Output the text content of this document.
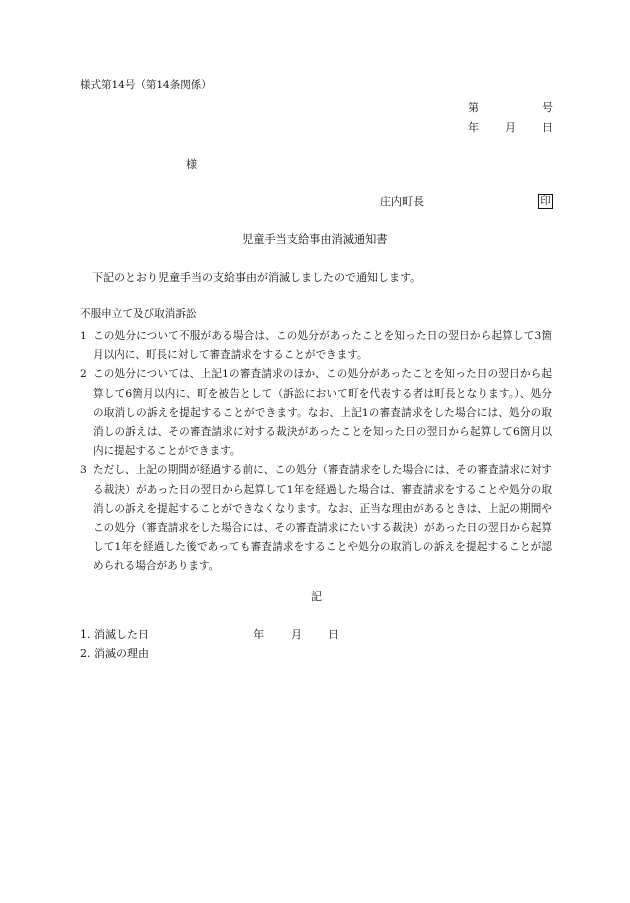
様式第14号（第14条関係）
第	号
年 月 日
様
庄内町長	印
児童手当支給事由消滅通知書
下記のとおり児童手当の支給事由が消滅しましたので通知します。
不服申立て及び取消訴訟
1 この処分について不服がある場合は、この処分があったことを知った日の翌日から起算して3箇月以内に、町長に対して審査請求をすることができます。
2 この処分については、上記1の審査請求のほか、この処分があったことを知った日の翌日から起算して6箇月以内に、町を被告として（訴訟において町を代表する者は町長となります。）、処分の取消しの訴えを提起することができます。なお、上記1の審査請求をした場合には、処分の取消しの訴えは、その審査請求に対する裁決があったことを知った日の翌日から起算して6箇月以内に提起することができます。
3 ただし、上記の期間が経過する前に、この処分（審査請求をした場合には、その審査請求に対する裁決）があった日の翌日から起算して1年を経過した場合は、審査請求をすることや処分の取消しの訴えを提起することができなくなります。なお、正当な理由があるときは、上記の期間やこの処分（審査請求をした場合には、その審査請求にたいする裁決）があった日の翌日から起算して1年を経過した後であっても審査請求をすることや処分の取消しの訴えを提起することが認められる場合があります。
記
1. 消滅した日	年 月 日
2. 消滅の理由
